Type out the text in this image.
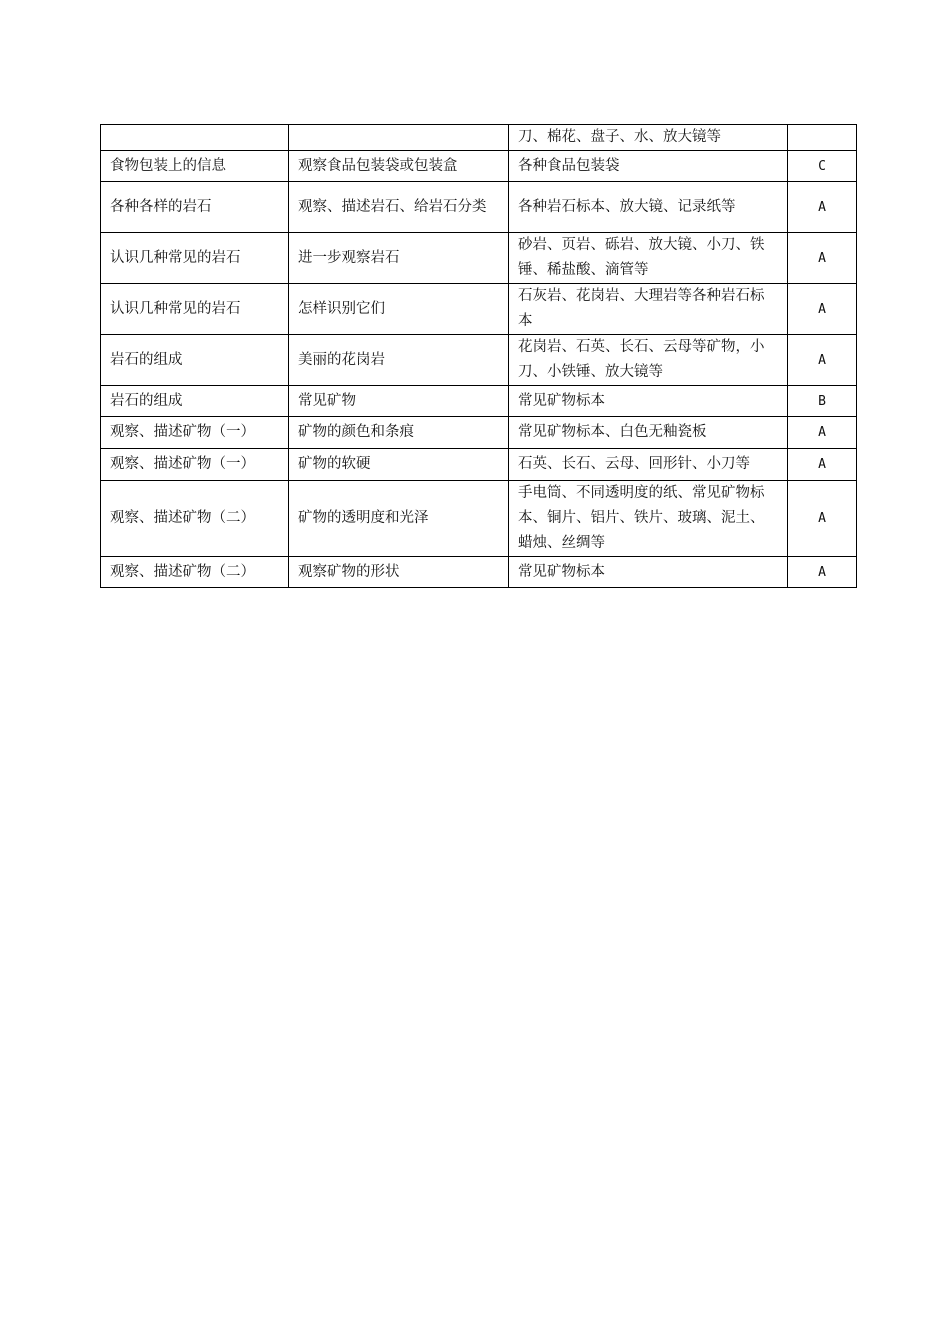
		刀、棉花、盘子、水、放大镜等	
食物包装上的信息	观察食品包装袋或包装盒	各种食品包装袋	C
各种各样的岩石	观察、描述岩石、给岩石分类	各种岩石标本、放大镜、记录纸等	A
认识几种常见的岩石	进一步观察岩石	砂岩、页岩、砾岩、放大镜、小刀、铁锤、稀盐酸、滴管等	A
认识几种常见的岩石	怎样识别它们	石灰岩、花岗岩、大理岩等各种岩石标本	A
岩石的组成	美丽的花岗岩	花岗岩、石英、长石、云母等矿物，小刀、小铁锤、放大镜等	A
岩石的组成	常见矿物	常见矿物标本	B
观察、描述矿物（一）	矿物的颜色和条痕	常见矿物标本、白色无釉瓷板	A
观察、描述矿物（一）	矿物的软硬	石英、长石、云母、回形针、小刀等	A
观察、描述矿物（二）	矿物的透明度和光泽	手电筒、不同透明度的纸、常见矿物标本、铜片、铝片、铁片、玻璃、泥土、蜡烛、丝绸等	A
观察、描述矿物（二）	观察矿物的形状	常见矿物标本	A
